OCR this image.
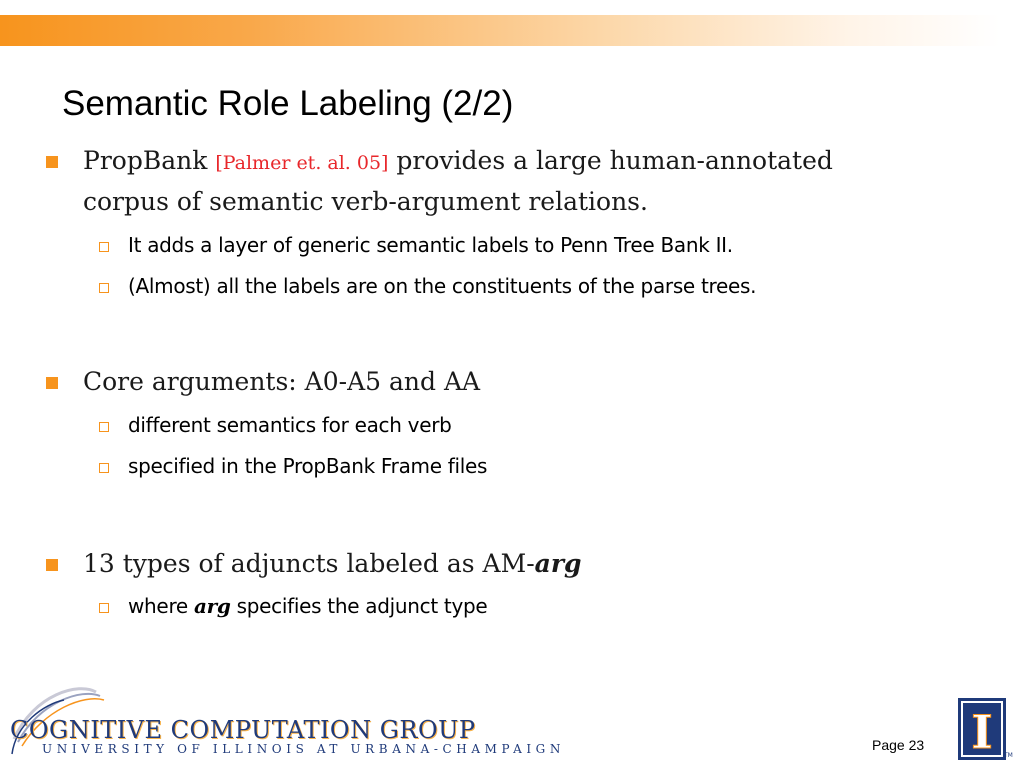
Semantic Role Labeling (2/2)
PropBank [Palmer et. al. 05] provides a large human-annotated
corpus of semantic verb-argument relations.
It adds a layer of generic semantic labels to Penn Tree Bank II.
(Almost) all the labels are on the constituents of the parse trees.
Core arguments: A0-A5 and AA
different semantics for each verb
specified in the PropBank Frame files
13 types of adjuncts labeled as AM-arg
where arg specifies the adjunct type
COGNITIVE COMPUTATION GROUP
UNIVERSITY OF ILLINOIS AT URBANA-CHAMPAIGN	Page 23 I TM
